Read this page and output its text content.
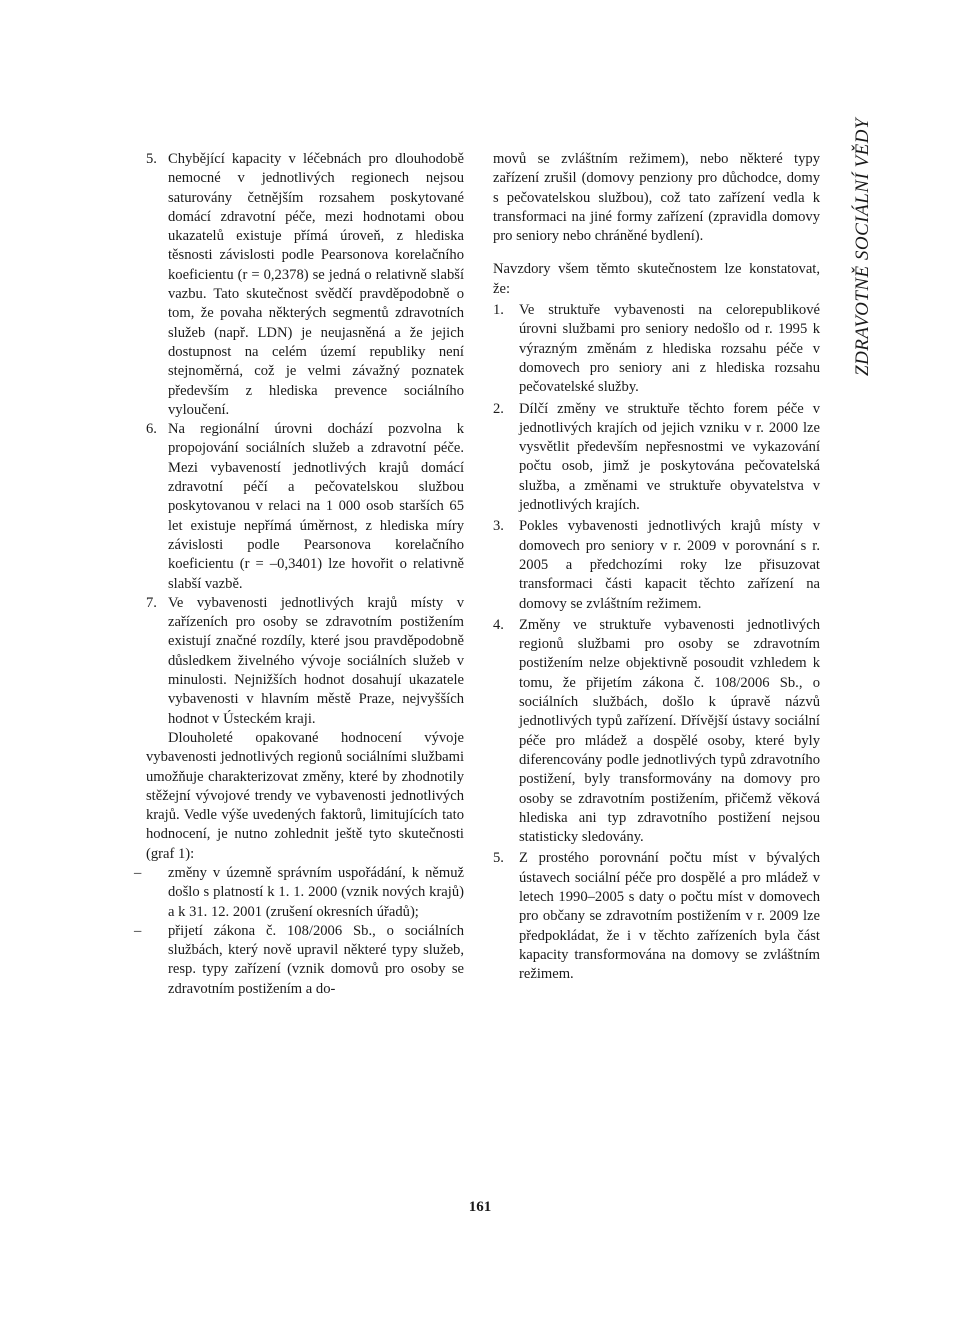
ZDRAVOTNĚ SOCIÁLNÍ VĚDY
5. Chybějící kapacity v léčebnách pro dlouhodobě nemocné v jednotlivých regionech nejsou saturovány četnějším rozsahem poskytované domácí zdravotní péče, mezi hodnotami obou ukazatelů existuje přímá úroveň, z hlediska těsnosti závislosti podle Pearsonova korelačního koeficientu (r = 0,2378) se jedná o relativně slabší vazbu. Tato skutečnost svědčí pravděpodobně o tom, že povaha některých segmentů zdravotních služeb (např. LDN) je neujasněná a že jejich dostupnost na celém území republiky není stejnoměrná, což je velmi závažný poznatek především z hlediska prevence sociálního vyloučení.
6. Na regionální úrovni dochází pozvolna k propojování sociálních služeb a zdravotní péče. Mezi vybaveností jednotlivých krajů domácí zdravotní péčí a pečovatelskou službou poskytovanou v relaci na 1 000 osob starších 65 let existuje nepřímá úměrnost, z hlediska míry závislosti podle Pearsonova korelačního koeficientu (r = –0,3401) lze hovořit o relativně slabší vazbě.
7. Ve vybavenosti jednotlivých krajů místy v zařízeních pro osoby se zdravotním postižením existují značné rozdíly, které jsou pravděpodobně důsledkem živelného vývoje sociálních služeb v minulosti. Nejnižších hodnot dosahují ukazatele vybavenosti v hlavním městě Praze, nejvyšších hodnot v Ústeckém kraji.

Dlouholeté opakované hodnocení vývoje vybavenosti jednotlivých regionů sociálními službami umožňuje charakterizovat změny, které by zhodnotily stěžejní vývojové trendy ve vybavenosti jednotlivých krajů. Vedle výše uvedených faktorů, limitujících tato hodnocení, je nutno zohlednit ještě tyto skutečnosti (graf 1):

–	změny v územně správním uspořádání, k němuž došlo s platností k 1. 1. 2000 (vznik nových krajů) a k 31. 12. 2001 (zrušení okresních úřadů);
–	přijetí zákona č. 108/2006 Sb., o sociálních službách, který nově upravil některé typy služeb, resp. typy zařízení (vznik domovů pro osoby se zdravotním postižením a do-

movů se zvláštním režimem), nebo některé typy zařízení zrušil (domovy penziony pro důchodce, domy s pečovatelskou službou), což tato zařízení vedla k transformaci na jiné formy zařízení (zpravidla domovy pro seniory nebo chráněné bydlení).

Navzdory všem těmto skutečnostem lze konstatovat, že:

1.	Ve struktuře vybavenosti na celorepublikové úrovni službami pro seniory nedošlo od r. 1995 k výrazným změnám z hlediska rozsahu péče v domovech pro seniory ani z hlediska rozsahu pečovatelské služby.
2.	Dílčí změny ve struktuře těchto forem péče v jednotlivých krajích od jejich vzniku v r. 2000 lze vysvětlit především nepřesnostmi ve vykazování počtu osob, jimž je poskytována pečovatelská služba, a změnami ve struktuře obyvatelstva v jednotlivých krajích.
3.	Pokles vybavenosti jednotlivých krajů místy v domovech pro seniory v r. 2009 v porovnání s r. 2005 a předchozími roky lze přisuzovat transformaci části kapacit těchto zařízení na domovy se zvláštním režimem.
4.	Změny ve struktuře vybavenosti jednotlivých regionů službami pro osoby se zdravotním postižením nelze objektivně posoudit vzhledem k tomu, že přijetím zákona č. 108/2006 Sb., o sociálních službách, došlo k úpravě názvů jednotlivých typů zařízení. Dřívější ústavy sociální péče pro mládež a dospělé osoby, které byly diferencovány podle jednotlivých typů zdravotního postižení, byly transformovány na domovy pro osoby se zdravotním postižením, přičemž věková hlediska ani typ zdravotního postižení nejsou statisticky sledovány.
5.	Z prostého porovnání počtu míst v bývalých ústavech sociální péče pro dospělé a pro mládež v letech 1990–2005 s daty o počtu míst v domovech pro občany se zdravotním postižením v r. 2009 lze předpokládat, že i v těchto zařízeních byla část kapacity transformována na domovy se zvláštním režimem.
161
